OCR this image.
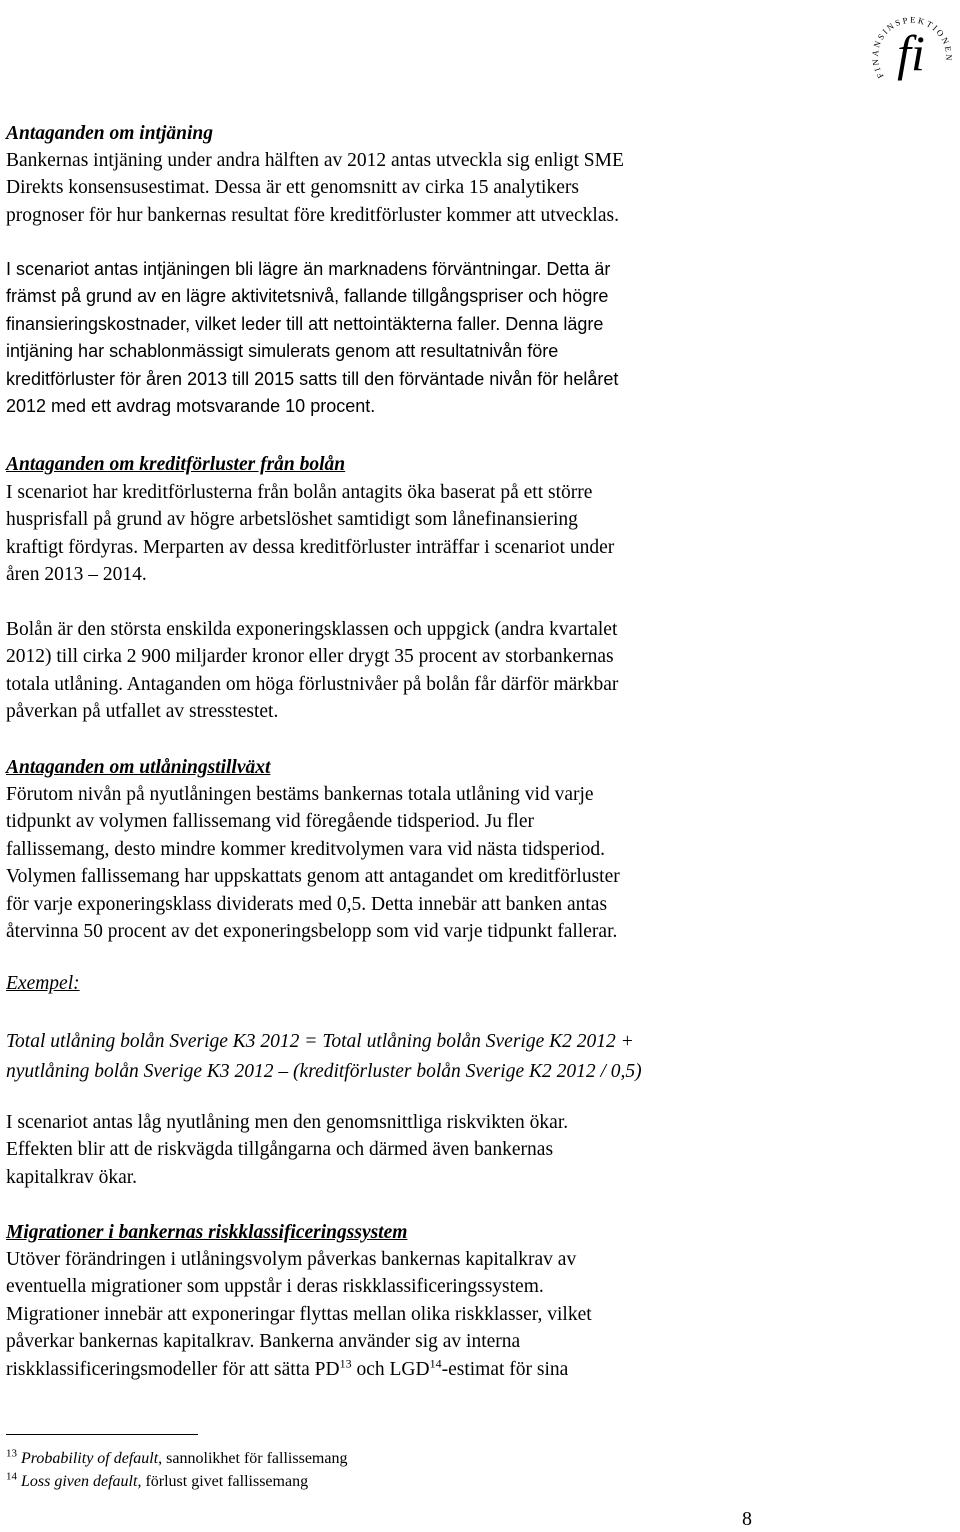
FINANSINSPEKTIONEN
fi
Antaganden om intjäning

Bankernas intjäning under andra hälften av 2012 antas utveckla sig enligt SME
Direkts konsensusestimat. Dessa är ett genomsnitt av cirka 15 analytikers
prognoser för hur bankernas resultat före kreditförluster kommer att utvecklas.

I scenariot antas intjäningen bli lägre än marknadens förväntningar. Detta är
främst på grund av en lägre aktivitetsnivå, fallande tillgångspriser och högre
finansieringskostnader, vilket leder till att nettointäkterna faller. Denna lägre
intjäning har schablonmässigt simulerats genom att resultatnivån före
kreditförluster för åren 2013 till 2015 satts till den förväntade nivån för helåret
2012 med ett avdrag motsvarande 10 procent.

Antaganden om kreditförluster från bolån

I scenariot har kreditförlusterna från bolån antagits öka baserat på ett större
husprisfall på grund av högre arbetslöshet samtidigt som lånefinansiering
kraftigt fördyras. Merparten av dessa kreditförluster inträffar i scenariot under
åren 2013 – 2014.

Bolån är den största enskilda exponeringsklassen och uppgick (andra kvartalet
2012) till cirka 2 900 miljarder kronor eller drygt 35 procent av storbankernas
totala utlåning. Antaganden om höga förlustnivåer på bolån får därför märkbar
påverkan på utfallet av stresstestet.

Antaganden om utlåningstillväxt

Förutom nivån på nyutlåningen bestäms bankernas totala utlåning vid varje
tidpunkt av volymen fallissemang vid föregående tidsperiod. Ju fler
fallissemang, desto mindre kommer kreditvolymen vara vid nästa tidsperiod.
Volymen fallissemang har uppskattats genom att antagandet om kreditförluster
för varje exponeringsklass dividerats med 0,5. Detta innebär att banken antas
återvinna 50 procent av det exponeringsbelopp som vid varje tidpunkt fallerar.

Exempel:

Total utlåning bolån Sverige K3 2012 = Total utlåning bolån Sverige K2 2012 +
nyutlåning bolån Sverige K3 2012 – (kreditförluster bolån Sverige K2 2012 / 0,5)

I scenariot antas låg nyutlåning men den genomsnittliga riskvikten ökar.
Effekten blir att de riskvägda tillgångarna och därmed även bankernas
kapitalkrav ökar.

Migrationer i bankernas riskklassificeringssystem

Utöver förändringen i utlåningsvolym påverkas bankernas kapitalkrav av
eventuella migrationer som uppstår i deras riskklassificeringssystem.
Migrationer innebär att exponeringar flyttas mellan olika riskklasser, vilket
påverkar bankernas kapitalkrav. Bankerna använder sig av interna
riskklassificeringsmodeller för att sätta PD$^{13}$ och LGD$^{14}$-estimat för sina

$^{13}$ Probability of default, sannolikhet för fallissemang

$^{14}$ Loss given default, förlust givet fallissemang

8
